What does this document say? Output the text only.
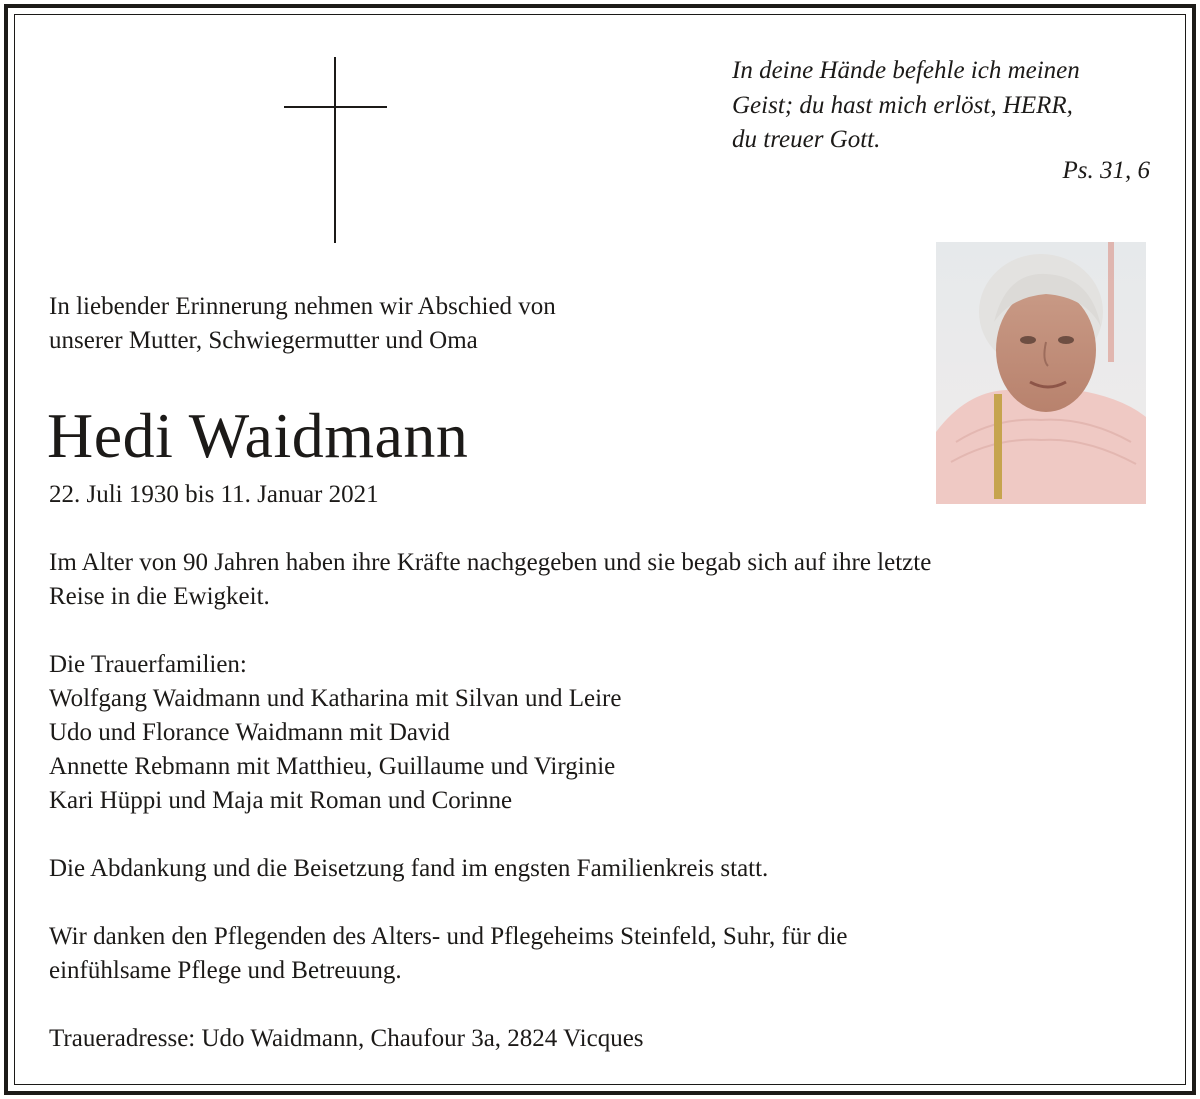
In deine Hände befehle ich meinen
Geist; du hast mich erlöst, HERR,
du treuer Gott.
Ps. 31, 6
In liebender Erinnerung nehmen wir Abschied von
unserer Mutter, Schwiegermutter und Oma
Hedi Waidmann
22. Juli 1930 bis 11. Januar 2021
Im Alter von 90 Jahren haben ihre Kräfte nachgegeben und sie begab sich auf ihre letzte
Reise in die Ewigkeit.
Die Trauerfamilien:
Wolfgang Waidmann und Katharina mit Silvan und Leire
Udo und Florance Waidmann mit David
Annette Rebmann mit Matthieu, Guillaume und Virginie
Kari Hüppi und Maja mit Roman und Corinne
Die Abdankung und die Beisetzung fand im engsten Familienkreis statt.
Wir danken den Pflegenden des Alters- und Pflegeheims Steinfeld, Suhr, für die
einfühlsame Pflege und Betreuung.
Traueradresse: Udo Waidmann, Chaufour 3a, 2824 Vicques
